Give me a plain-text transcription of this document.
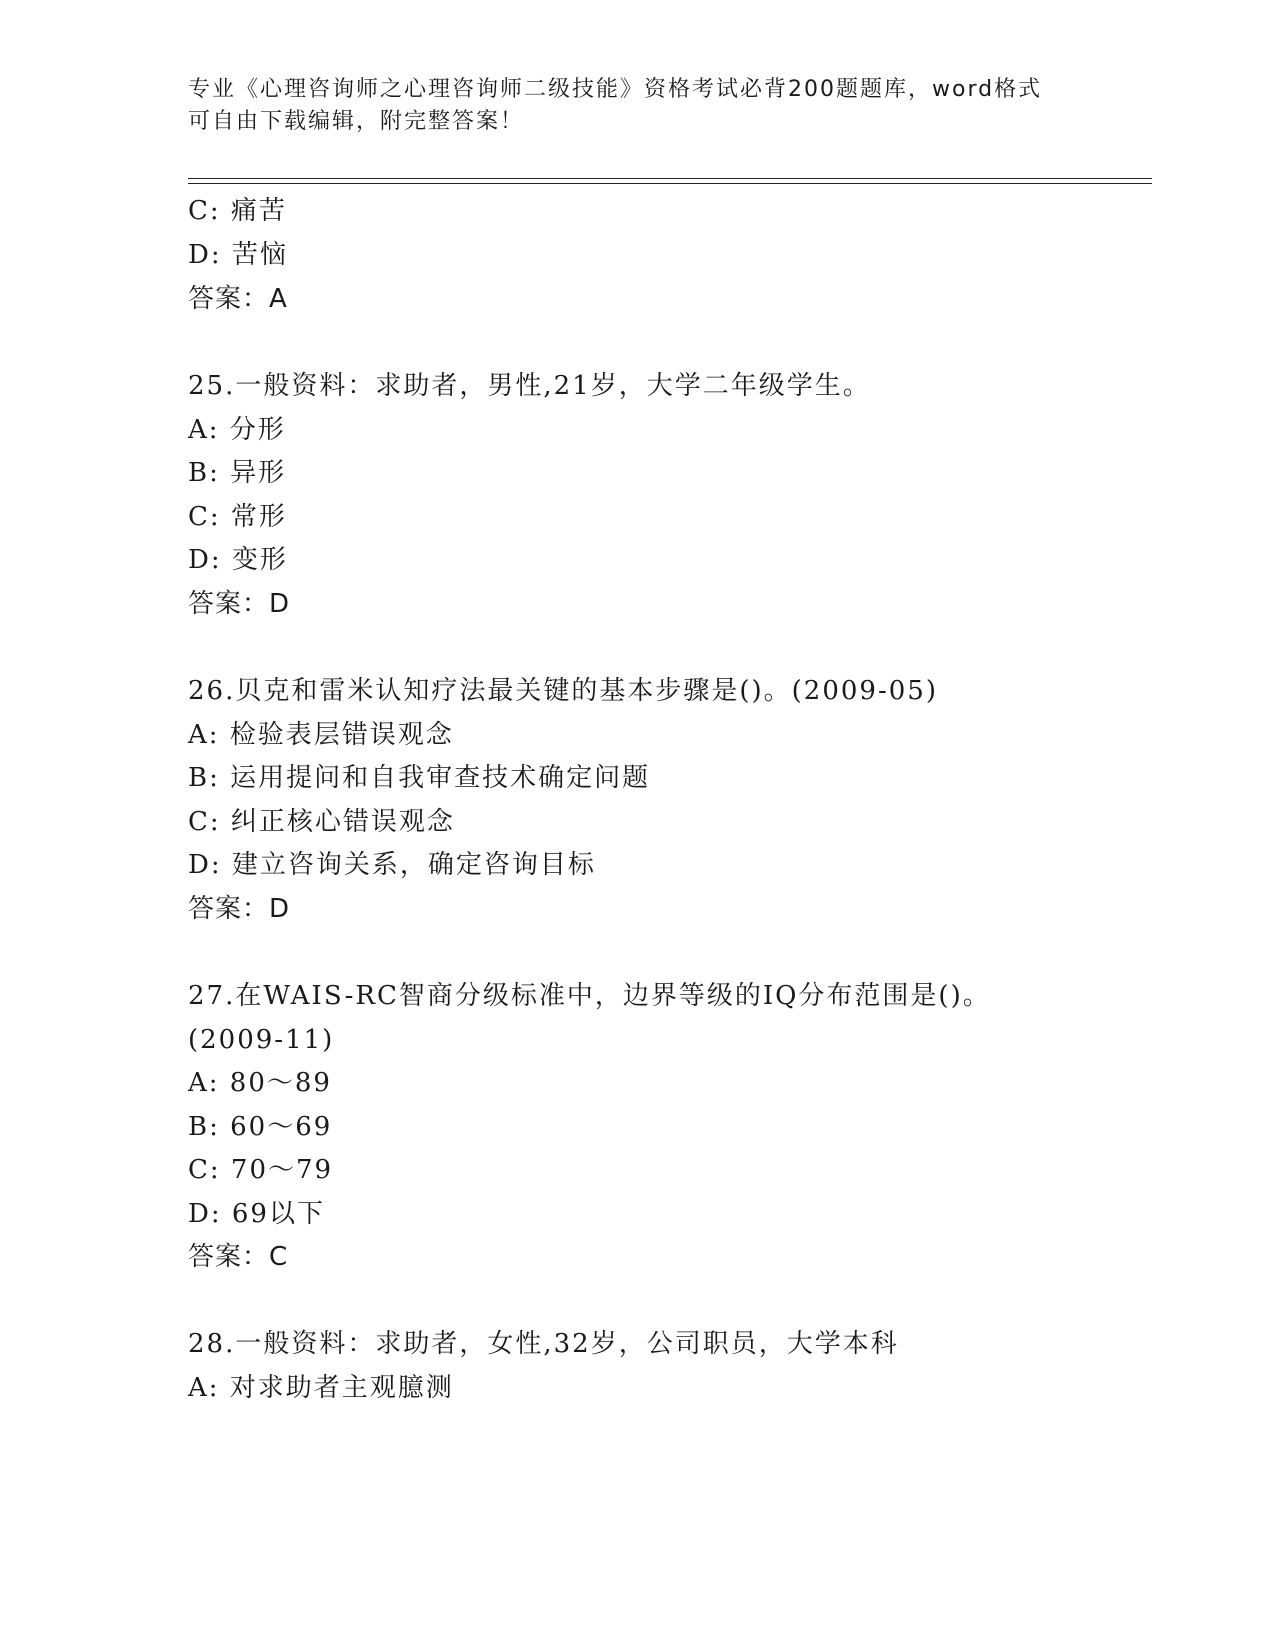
专业《心理咨询师之心理咨询师二级技能》资格考试必背200题题库，word格式
可自由下载编辑，附完整答案！
C: 痛苦
D: 苦恼
答案：A
25.一般资料：求助者，男性,21岁，大学二年级学生。
A: 分形
B: 异形
C: 常形
D: 变形
答案：D
26.贝克和雷米认知疗法最关键的基本步骤是()。(2009-05)
A: 检验表层错误观念
B: 运用提问和自我审查技术确定问题
C: 纠正核心错误观念
D: 建立咨询关系，确定咨询目标
答案：D
27.在WAIS-RC智商分级标准中，边界等级的IQ分布范围是()。
(2009-11)
A: 80～89
B: 60～69
C: 70～79
D: 69以下
答案：C
28.一般资料：求助者，女性,32岁，公司职员，大学本科
A: 对求助者主观臆测
